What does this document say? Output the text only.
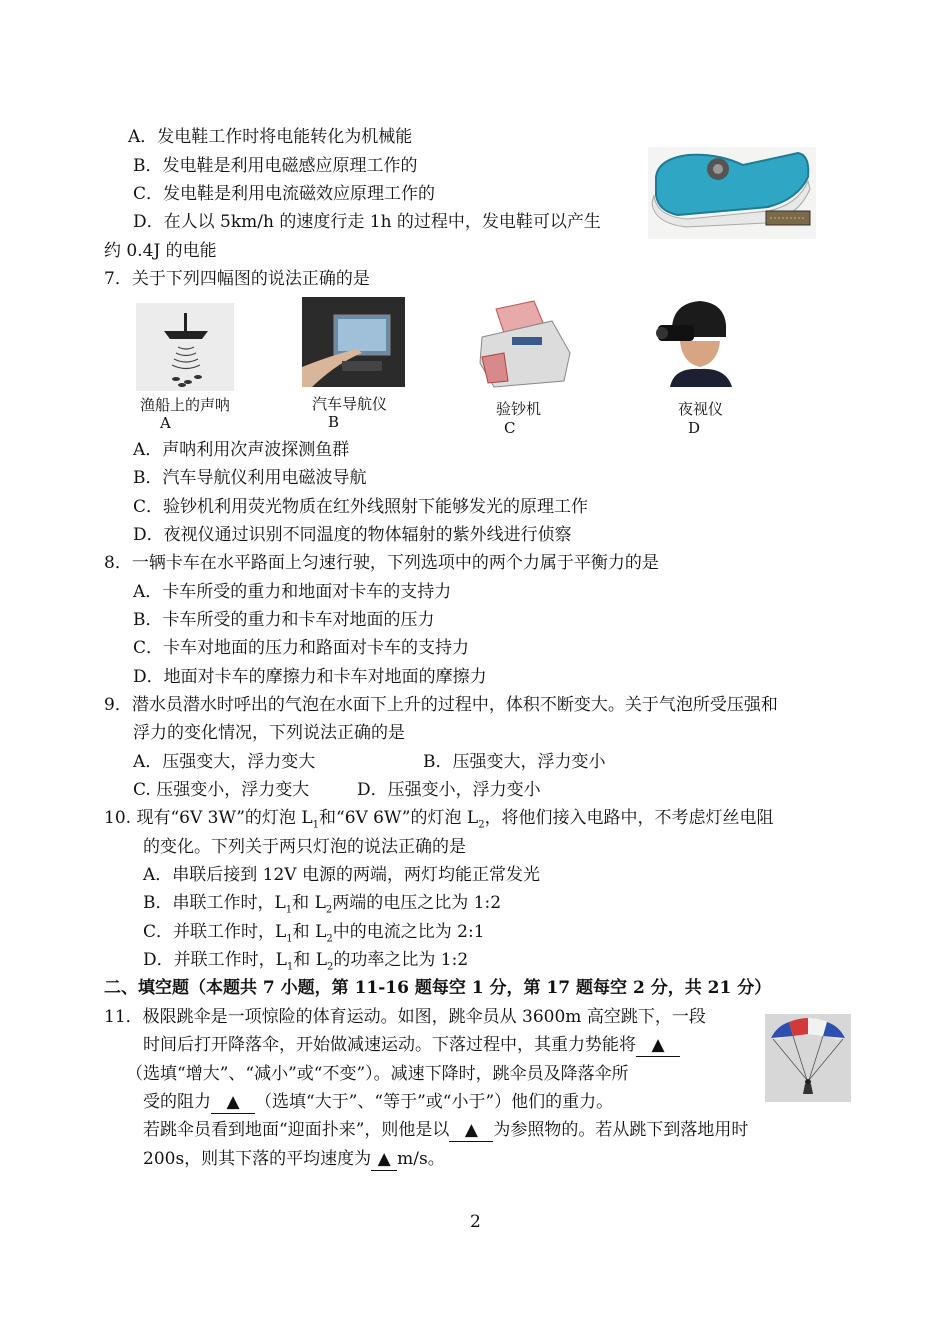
A．发电鞋工作时将电能转化为机械能
B．发电鞋是利用电磁感应原理工作的
C．发电鞋是利用电流磁效应原理工作的
D．在人以 5km/h 的速度行走 1h 的过程中，发电鞋可以产生
约 0.4J 的电能
7．关于下列四幅图的说法正确的是
渔船上的声呐
A
汽车导航仪
B
验钞机
C
夜视仪
D
A．声呐利用次声波探测鱼群
B．汽车导航仪利用电磁波导航
C．验钞机利用荧光物质在红外线照射下能够发光的原理工作
D．夜视仪通过识别不同温度的物体辐射的紫外线进行侦察
8．一辆卡车在水平路面上匀速行驶，下列选项中的两个力属于平衡力的是
A．卡车所受的重力和地面对卡车的支持力
B．卡车所受的重力和卡车对地面的压力
C．卡车对地面的压力和路面对卡车的支持力
D．地面对卡车的摩擦力和卡车对地面的摩擦力
9．潜水员潜水时呼出的气泡在水面下上升的过程中，体积不断变大。关于气泡所受压强和
浮力的变化情况，下列说法正确的是
A．压强变大，浮力变大	B．压强变大，浮力变小
C. 压强变小，浮力变大	D．压强变小，浮力变小
10. 现有“6V 3W”的灯泡 $L_1$和“6V 6W”的灯泡 $L_2$，将他们接入电路中，不考虑灯丝电阻
的变化。下列关于两只灯泡的说法正确的是
A．串联后接到 12V 电源的两端，两灯均能正常发光
B．串联工作时，$L_1$和 $L_2$两端的电压之比为 1:2
C．并联工作时，$L_1$和 $L_2$中的电流之比为 2:1
D．并联工作时，$L_1$和 $L_2$的功率之比为 1:2
二、填空题（本题共 7 小题，第 11-16 题每空 1 分，第 17 题每空 2 分，共 21 分）
11．极限跳伞是一项惊险的体育运动。如图，跳伞员从 3600m 高空跳下，一段
时间后打开降落伞，开始做减速运动。下落过程中，其重力势能将 ▲
（选填“增大”、“减小”或“不变”）。减速下降时，跳伞员及降落伞所
受的阻力 ▲ （选填“大于”、“等于”或“小于”）他们的重力。
若跳伞员看到地面“迎面扑来”，则他是以 ▲ 为参照物的。若从跳下到落地用时
200s，则其下落的平均速度为 ▲ m/s。
2
